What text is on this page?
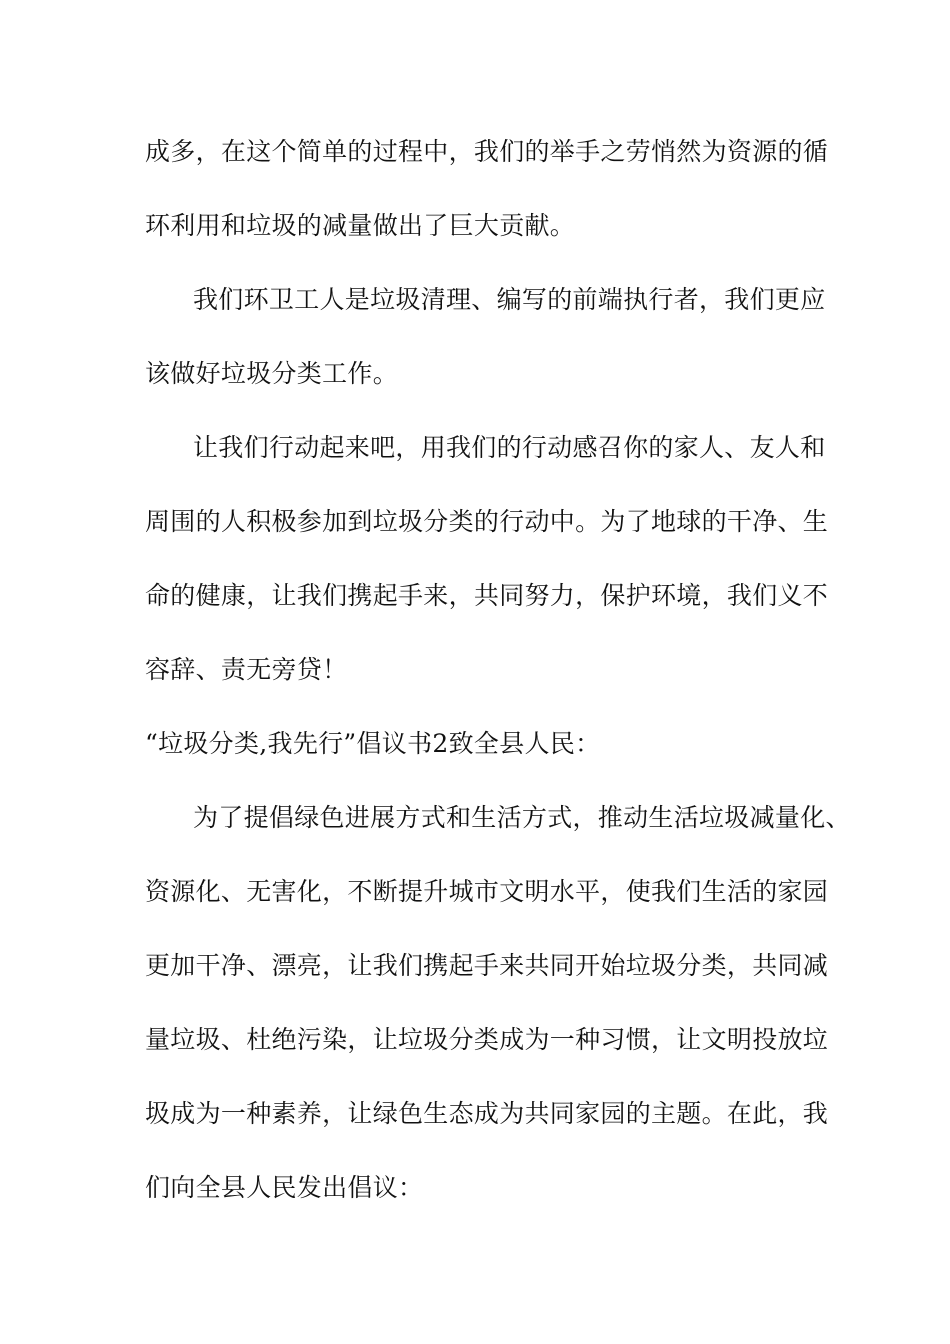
成多，在这个简单的过程中，我们的举手之劳悄然为资源的循
环利用和垃圾的减量做出了巨大贡献。
我们环卫工人是垃圾清理、编写的前端执行者，我们更应
该做好垃圾分类工作。
让我们行动起来吧，用我们的行动感召你的家人、友人和
周围的人积极参加到垃圾分类的行动中。为了地球的干净、生
命的健康，让我们携起手来，共同努力，保护环境，我们义不
容辞、责无旁贷！
“垃圾分类,我先行”倡议书2致全县人民：
为了提倡绿色进展方式和生活方式，推动生活垃圾减量化、
资源化、无害化，不断提升城市文明水平，使我们生活的家园
更加干净、漂亮，让我们携起手来共同开始垃圾分类，共同减
量垃圾、杜绝污染，让垃圾分类成为一种习惯，让文明投放垃
圾成为一种素养，让绿色生态成为共同家园的主题。在此，我
们向全县人民发出倡议：
